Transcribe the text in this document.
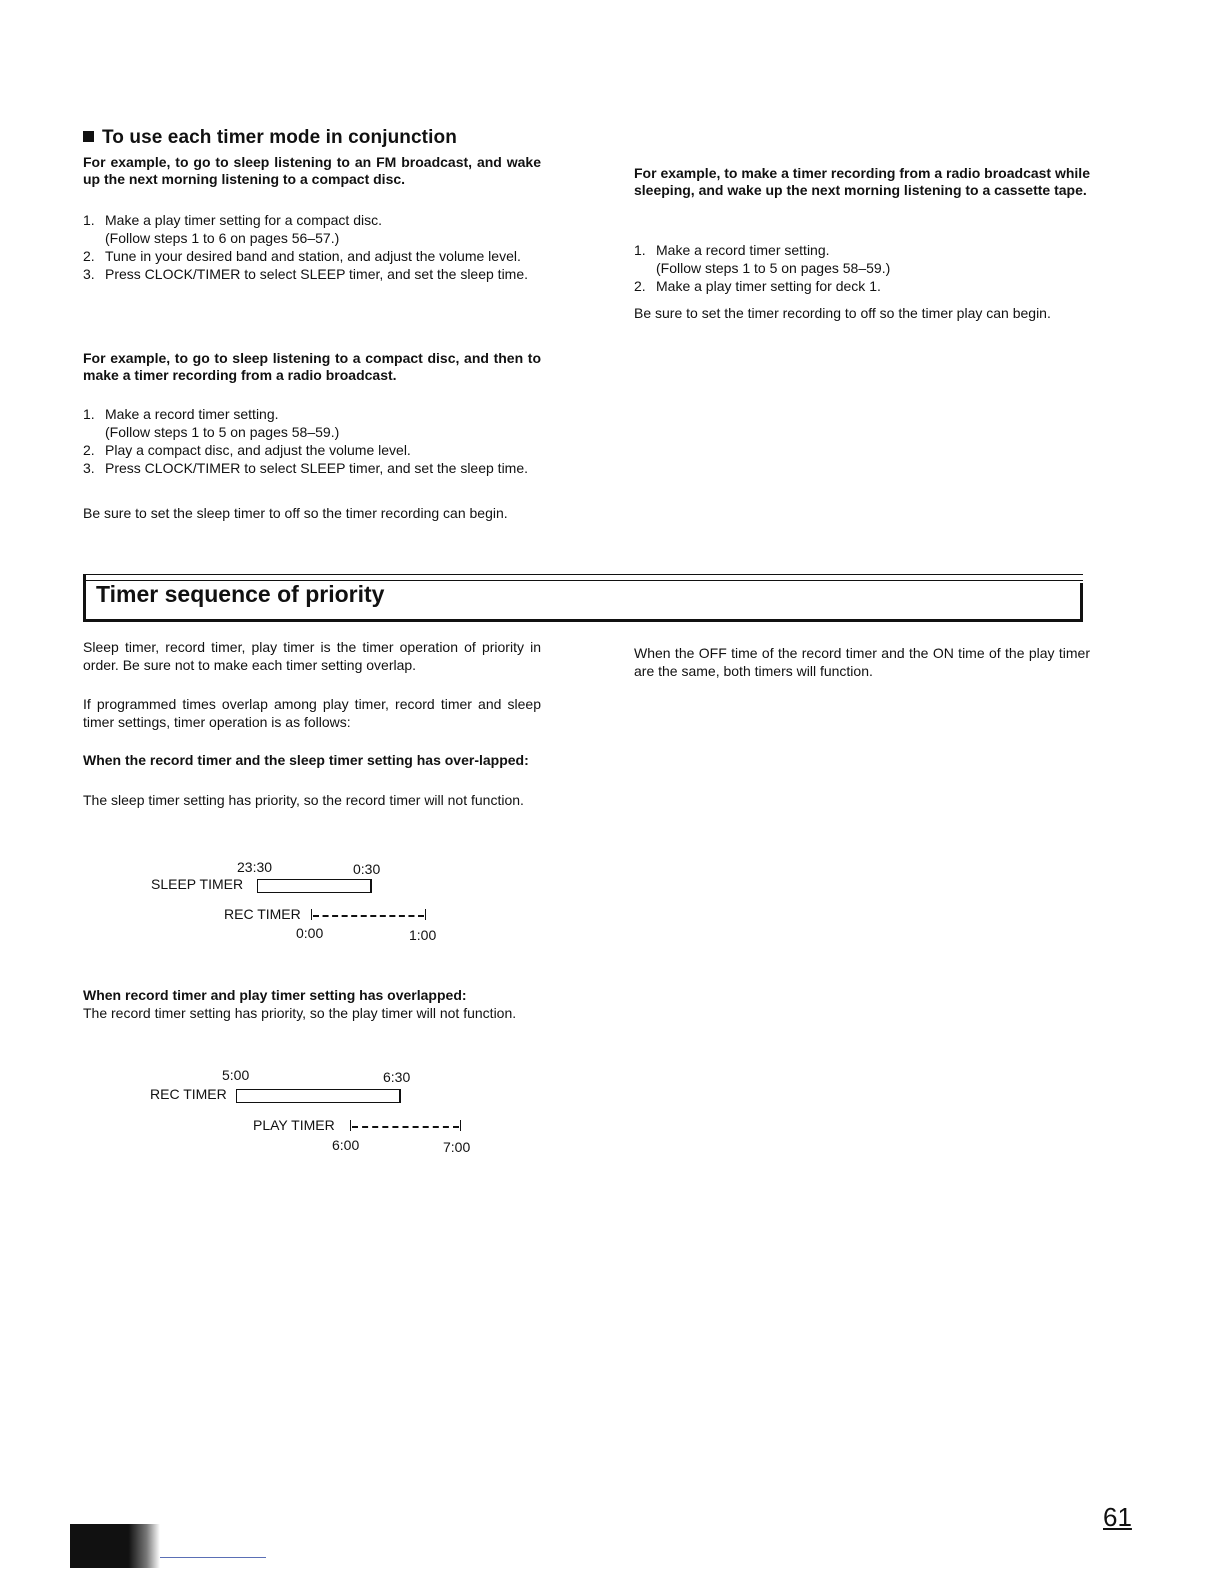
To use each timer mode in conjunction

For example, to go to sleep listening to an FM broadcast, and wake up the next morning listening to a compact disc.

1. Make a play timer setting for a compact disc.
(Follow steps 1 to 6 on pages 56–57.)
2. Tune in your desired band and station, and adjust the volume level.
3. Press CLOCK/TIMER to select SLEEP timer, and set the sleep time.

For example, to go to sleep listening to a compact disc, and then to make a timer recording from a radio broadcast.

1. Make a record timer setting.
(Follow steps 1 to 5 on pages 58–59.)
2. Play a compact disc, and adjust the volume level.
3. Press CLOCK/TIMER to select SLEEP timer, and set the sleep time.

Be sure to set the sleep timer to off so the timer recording can begin.

For example, to make a timer recording from a radio broadcast while sleeping, and wake up the next morning listening to a cassette tape.

1. Make a record timer setting.
(Follow steps 1 to 5 on pages 58–59.)
2. Make a play timer setting for deck 1.

Be sure to set the timer recording to off so the timer play can begin.

Timer sequence of priority

Sleep timer, record timer, play timer is the timer operation of priority in order. Be sure not to make each timer setting overlap.

If programmed times overlap among play timer, record timer and sleep timer settings, timer operation is as follows:

When the record timer and the sleep timer setting has over-lapped:

The sleep timer setting has priority, so the record timer will not function.

23:30	0:30
SLEEP TIMER
REC TIMER
0:00	1:00

When record timer and play timer setting has overlapped:

The record timer setting has priority, so the play timer will not function.

5:00	6:30
REC TIMER
PLAY TIMER
6:00	7:00

When the OFF time of the record timer and the ON time of the play timer are the same, both timers will function.

61
